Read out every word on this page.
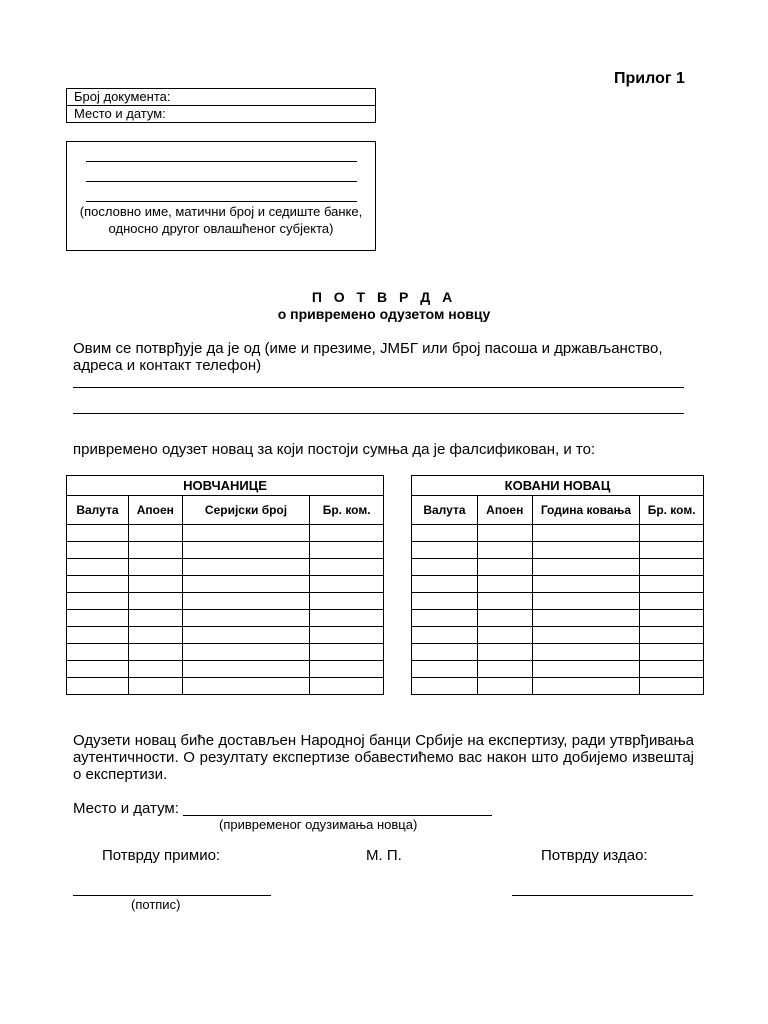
Прилог 1
Број документа:
Место и датум:
(пословно име, матични број и седиште банке, односно другог овлашћеног субјекта)
П О Т В Р Д А
о привремено одузетом новцу
Овим се потврђује да је од (име и презиме, ЈМБГ или број пасоша и држављанство, адреса и контакт телефон)
привремено одузет новац за који постоји сумња да је фалсификован, и то:
НОВЧАНИЦЕ			
Валута	Апоен	Серијски број	Бр. ком.

КОВАНИ НОВАЦ			
Валута	Апоен	Година ковања	Бр. ком.

Одузети новац биће достављен Народној банци Србије на експертизу, ради утврђивања аутентичности. О резултату експертизе обавестићемо вас након што добијемо извештај о експертизи.
Место и датум:
(привременог одузимања новца)
Потврду примио:	М. П.	Потврду издао:
(потпис)
